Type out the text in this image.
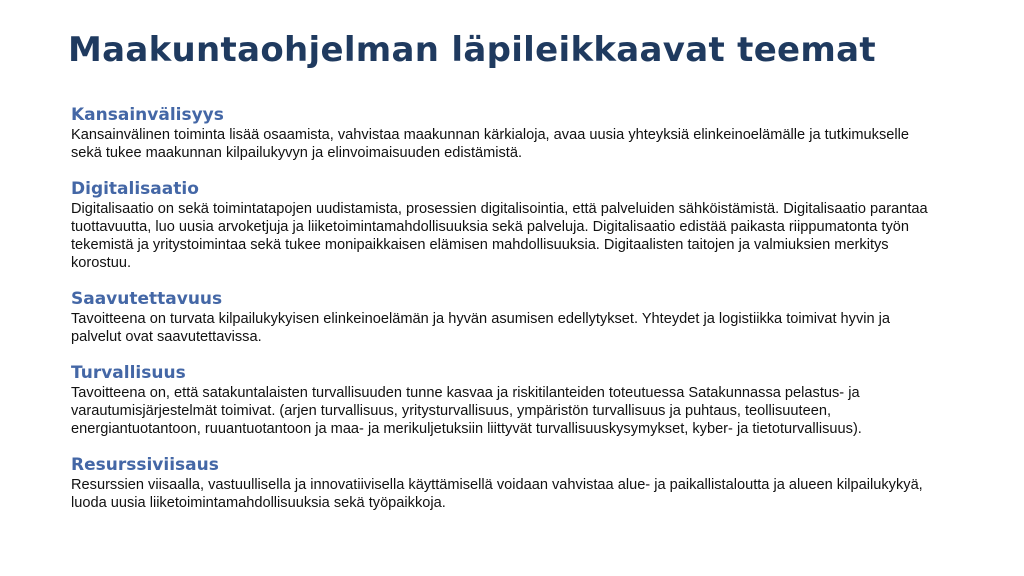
Maakuntaohjelman läpileikkaavat teemat
Kansainvälisyys

Kansainvälinen toiminta lisää osaamista, vahvistaa maakunnan kärkialoja, avaa uusia yhteyksiä elinkeinoelämälle ja tutkimukselle sekä tukee maakunnan kilpailukyvyn ja elinvoimaisuuden edistämistä.

Digitalisaatio

Digitalisaatio on sekä toimintatapojen uudistamista, prosessien digitalisointia, että palveluiden sähköistämistä. Digitalisaatio parantaa tuottavuutta, luo uusia arvoketjuja ja liiketoimintamahdollisuuksia sekä palveluja. Digitalisaatio edistää paikasta riippumatonta työn tekemistä ja yritystoimintaa sekä tukee monipaikkaisen elämisen mahdollisuuksia. Digitaalisten taitojen ja valmiuksien merkitys korostuu.

Saavutettavuus

Tavoitteena on turvata kilpailukykyisen elinkeinoelämän ja hyvän asumisen edellytykset. Yhteydet ja logistiikka toimivat hyvin ja palvelut ovat saavutettavissa.

Turvallisuus

Tavoitteena on, että satakuntalaisten turvallisuuden tunne kasvaa ja riskitilanteiden toteutuessa Satakunnassa pelastus- ja varautumisjärjestelmät toimivat. (arjen turvallisuus, yritysturvallisuus, ympäristön turvallisuus ja puhtaus, teollisuuteen, energiantuotantoon, ruuantuotantoon ja maa- ja merikuljetuksiin liittyvät turvallisuuskysymykset, kyber- ja tietoturvallisuus).

Resurssiviisaus

Resurssien viisaalla, vastuullisella ja innovatiivisella käyttämisellä voidaan vahvistaa alue- ja paikallistaloutta ja alueen kilpailukykyä, luoda uusia liiketoimintamahdollisuuksia sekä työpaikkoja.
